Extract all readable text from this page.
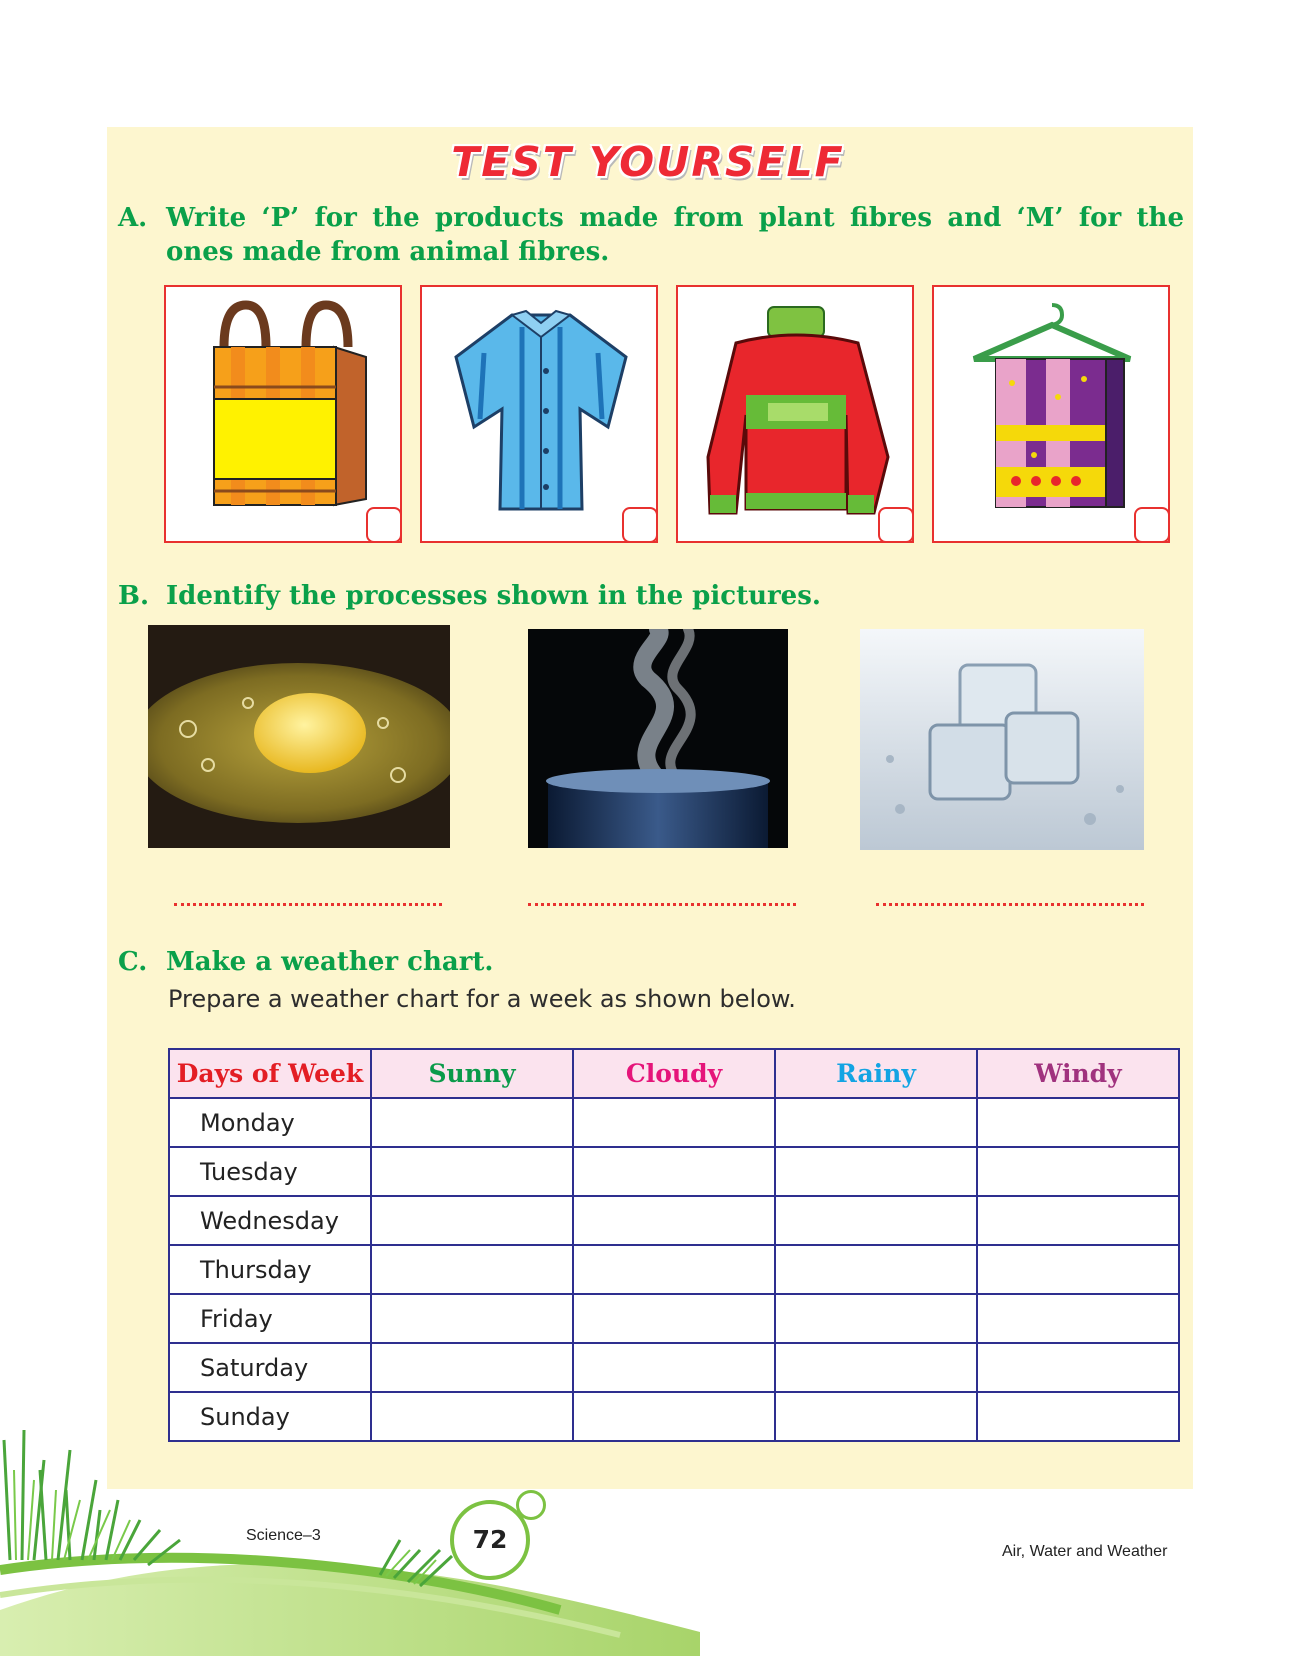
TEST YOURSELF
A. Write ‘P’ for the products made from plant fibres and ‘M’ for the ones made from animal fibres.
B. Identify the processes shown in the pictures.
C. Make a weather chart.
Prepare a weather chart for a week as shown below.
Days of Week	Sunny	Cloudy	Rainy	Windy
Monday				
Tuesday				
Wednesday				
Thursday				
Friday				
Saturday				
Sunday				
Science–3	72	Air, Water and Weather
